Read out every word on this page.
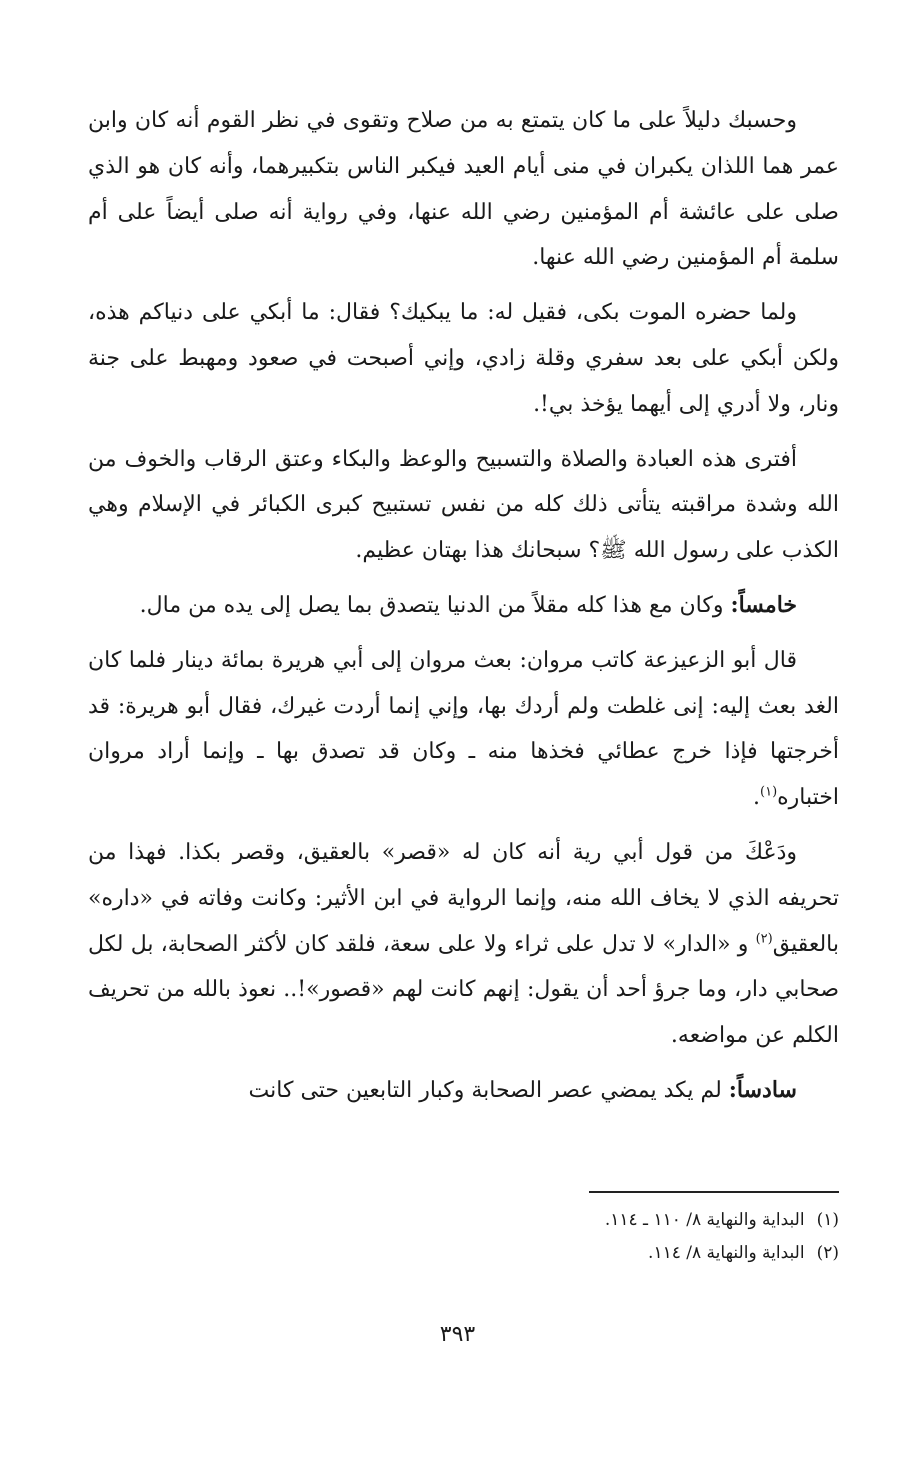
وحسبك دليلاً على ما كان يتمتع به من صلاح وتقوى في نظر القوم أنه كان وابن عمر هما اللذان يكبران في منى أيام العيد فيكبر الناس بتكبيرهما، وأنه كان هو الذي صلى على عائشة أم المؤمنين رضي الله عنها، وفي رواية أنه صلى أيضاً على أم سلمة أم المؤمنين رضي الله عنها.

ولما حضره الموت بكى، فقيل له: ما يبكيك؟ فقال: ما أبكي على دنياكم هذه، ولكن أبكي على بعد سفري وقلة زادي، وإني أصبحت في صعود ومهبط على جنة ونار، ولا أدري إلى أيهما يؤخذ بي!.

أفترى هذه العبادة والصلاة والتسبيح والوعظ والبكاء وعتق الرقاب والخوف من الله وشدة مراقبته يتأتى ذلك كله من نفس تستبيح كبرى الكبائر في الإسلام وهي الكذب على رسول الله ﷺ؟ سبحانك هذا بهتان عظيم.

خامساً: وكان مع هذا كله مقلاً من الدنيا يتصدق بما يصل إلى يده من مال.

قال أبو الزعيزعة كاتب مروان: بعث مروان إلى أبي هريرة بمائة دينار فلما كان الغد بعث إليه: إنى غلطت ولم أردك بها، وإني إنما أردت غيرك، فقال أبو هريرة: قد أخرجتها فإذا خرج عطائي فخذها منه ـ وكان قد تصدق بها ـ وإنما أراد مروان اختباره$^{(١)}$.

ودَعْكَ من قول أبي رية أنه كان له «قصر» بالعقيق، وقصر بكذا. فهذا من تحريفه الذي لا يخاف الله منه، وإنما الرواية في ابن الأثير: وكانت وفاته في «داره» بالعقيق$^{(٢)}$ و «الدار» لا تدل على ثراء ولا على سعة، فلقد كان لأكثر الصحابة، بل لكل صحابي دار، وما جرؤ أحد أن يقول: إنهم كانت لهم «قصور»!.. نعوذ بالله من تحريف الكلم عن مواضعه.

سادساً: لم يكد يمضي عصر الصحابة وكبار التابعين حتى كانت

(١)البداية والنهاية ٨/ ١١٠ ـ ١١٤.
(٢)البداية والنهاية ٨/ ١١٤.
٣٩٣
